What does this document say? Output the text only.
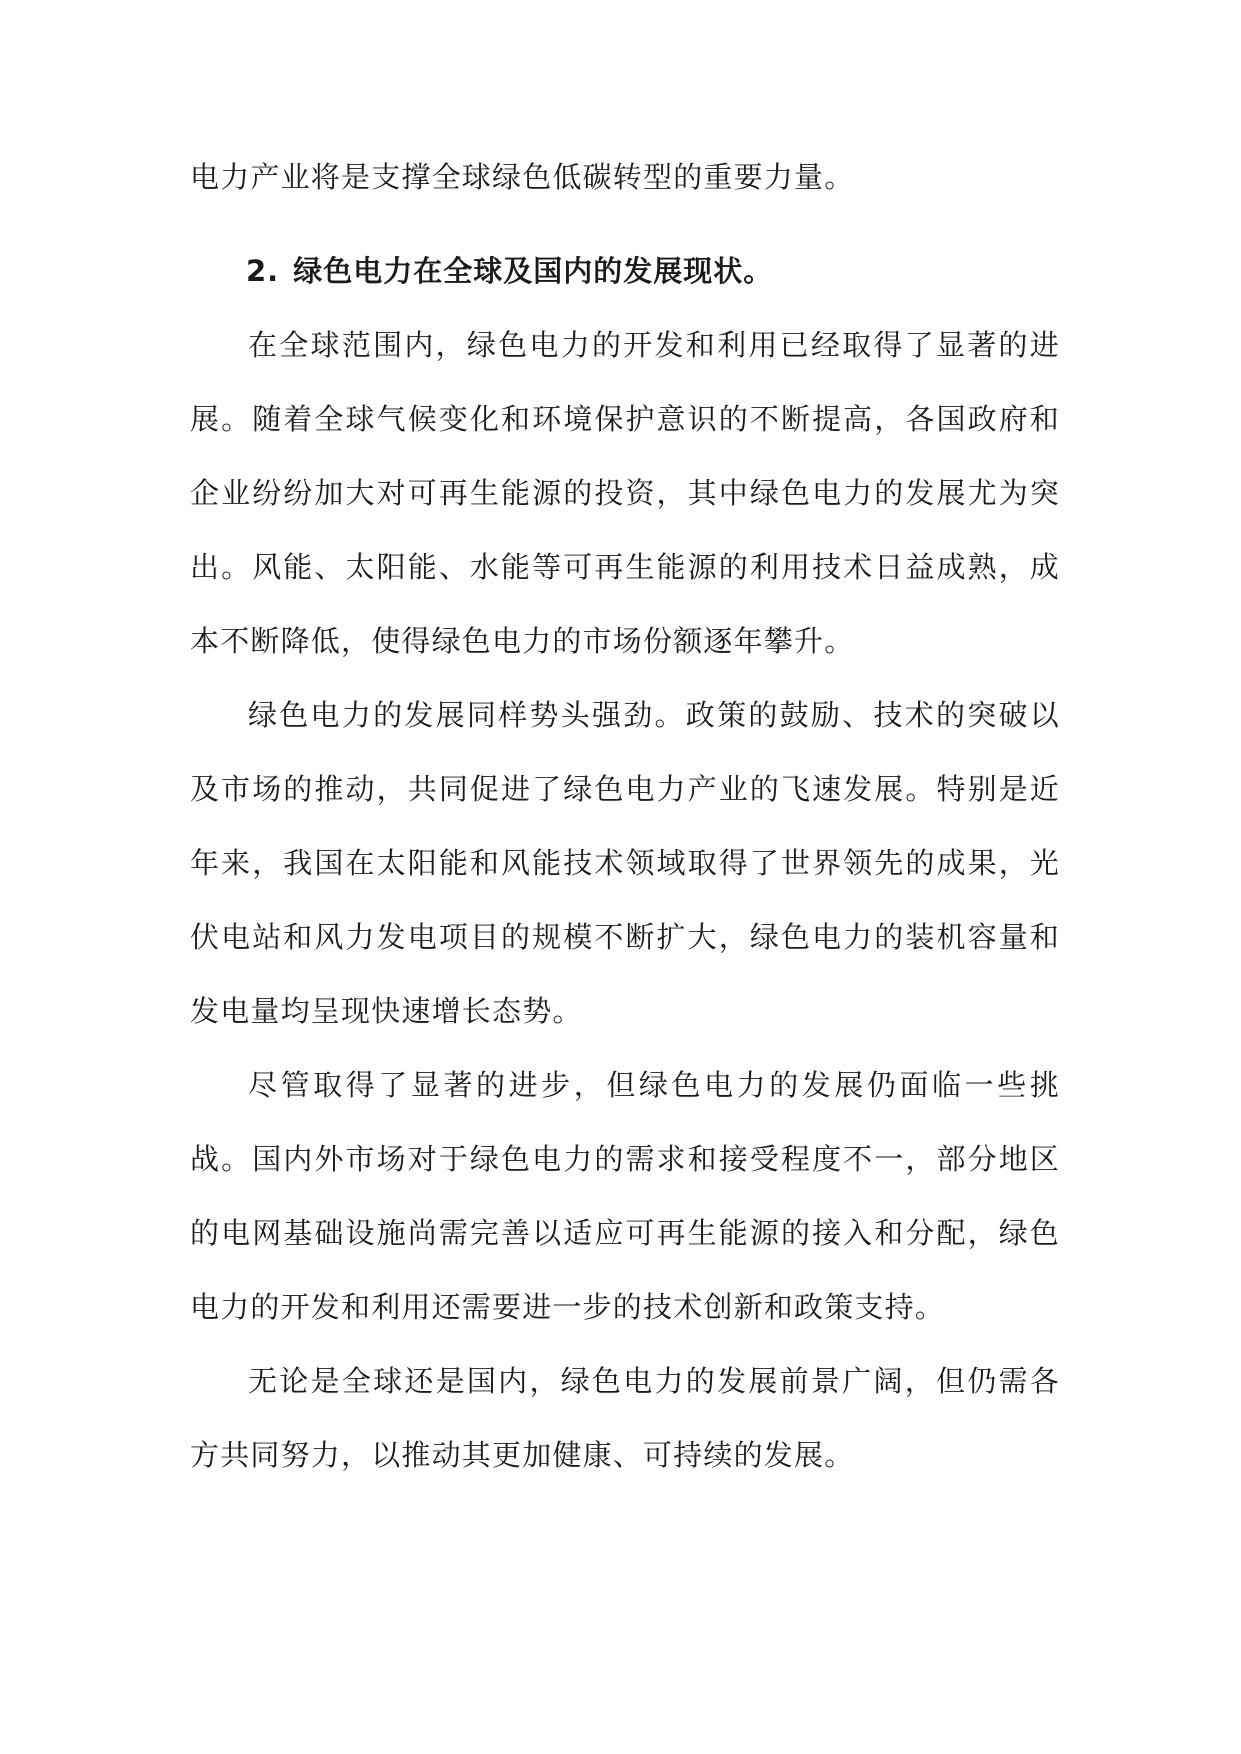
电力产业将是支撑全球绿色低碳转型的重要力量。

2. 绿色电力在全球及国内的发展现状。

在全球范围内，绿色电力的开发和利用已经取得了显著的进展。随着全球气候变化和环境保护意识的不断提高，各国政府和企业纷纷加大对可再生能源的投资，其中绿色电力的发展尤为突出。风能、太阳能、水能等可再生能源的利用技术日益成熟，成本不断降低，使得绿色电力的市场份额逐年攀升。

绿色电力的发展同样势头强劲。政策的鼓励、技术的突破以及市场的推动，共同促进了绿色电力产业的飞速发展。特别是近年来，我国在太阳能和风能技术领域取得了世界领先的成果，光伏电站和风力发电项目的规模不断扩大，绿色电力的装机容量和发电量均呈现快速增长态势。

尽管取得了显著的进步，但绿色电力的发展仍面临一些挑战。国内外市场对于绿色电力的需求和接受程度不一，部分地区的电网基础设施尚需完善以适应可再生能源的接入和分配，绿色电力的开发和利用还需要进一步的技术创新和政策支持。

无论是全球还是国内，绿色电力的发展前景广阔，但仍需各方共同努力，以推动其更加健康、可持续的发展。
